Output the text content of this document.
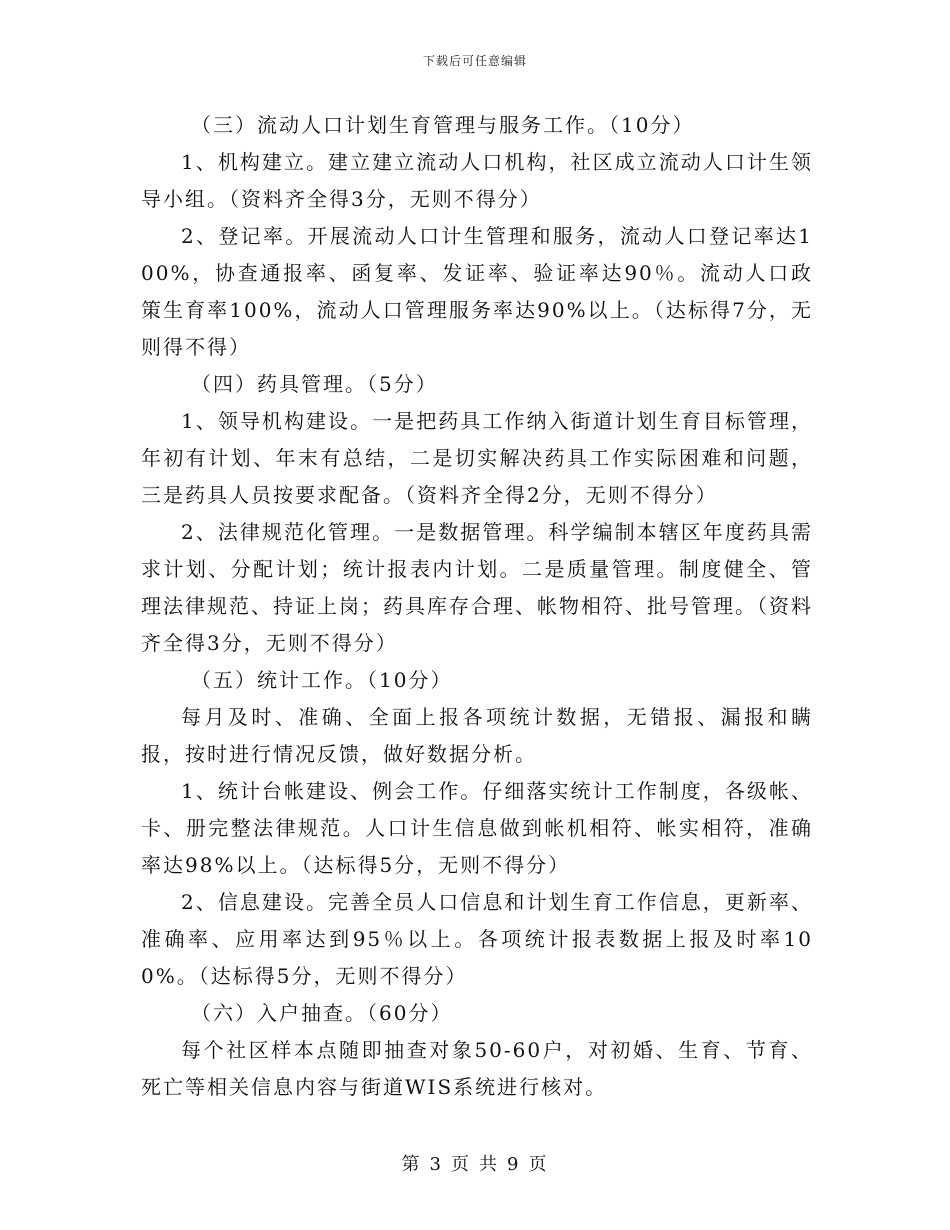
下载后可任意编辑

（三）流动人口计划生育管理与服务工作。（10分）

1、机构建立。建立建立流动人口机构，社区成立流动人口计生领导小组。（资料齐全得3分，无则不得分）

2、登记率。开展流动人口计生管理和服务，流动人口登记率达100%，协查通报率、函复率、发证率、验证率达90％。流动人口政策生育率100%，流动人口管理服务率达90%以上。（达标得7分，无则得不得）

（四）药具管理。（5分）

1、领导机构建设。一是把药具工作纳入街道计划生育目标管理，年初有计划、年末有总结，二是切实解决药具工作实际困难和问题，三是药具人员按要求配备。（资料齐全得2分，无则不得分）

2、法律规范化管理。一是数据管理。科学编制本辖区年度药具需求计划、分配计划；统计报表内计划。二是质量管理。制度健全、管理法律规范、持证上岗；药具库存合理、帐物相符、批号管理。（资料齐全得3分，无则不得分）

（五）统计工作。（10分）

每月及时、准确、全面上报各项统计数据，无错报、漏报和瞒报，按时进行情况反馈，做好数据分析。

1、统计台帐建设、例会工作。仔细落实统计工作制度，各级帐、卡、册完整法律规范。人口计生信息做到帐机相符、帐实相符，准确率达98%以上。（达标得5分，无则不得分）

2、信息建设。完善全员人口信息和计划生育工作信息，更新率、准确率、应用率达到95％以上。各项统计报表数据上报及时率100%。（达标得5分，无则不得分）

（六）入户抽查。（60分）

每个社区样本点随即抽查对象50-60户，对初婚、生育、节育、死亡等相关信息内容与街道WIS系统进行核对。

第 3 页 共 9 页
